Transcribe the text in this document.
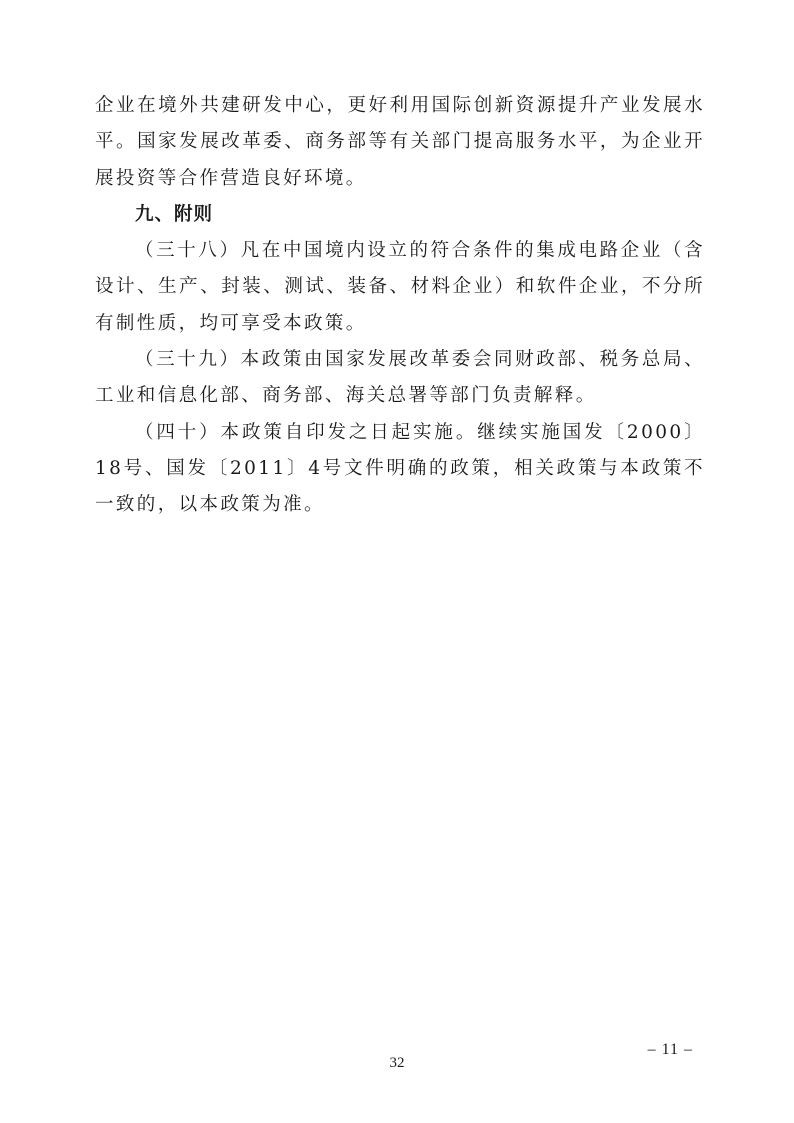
企业在境外共建研发中心，更好利用国际创新资源提升产业发展水平。国家发展改革委、商务部等有关部门提高服务水平，为企业开展投资等合作营造良好环境。

九、附则

（三十八）凡在中国境内设立的符合条件的集成电路企业（含设计、生产、封装、测试、装备、材料企业）和软件企业，不分所有制性质，均可享受本政策。

（三十九）本政策由国家发展改革委会同财政部、税务总局、工业和信息化部、商务部、海关总署等部门负责解释。

（四十）本政策自印发之日起实施。继续实施国发〔2000〕18号、国发〔2011〕4号文件明确的政策，相关政策与本政策不一致的，以本政策为准。

– 11 –
32
